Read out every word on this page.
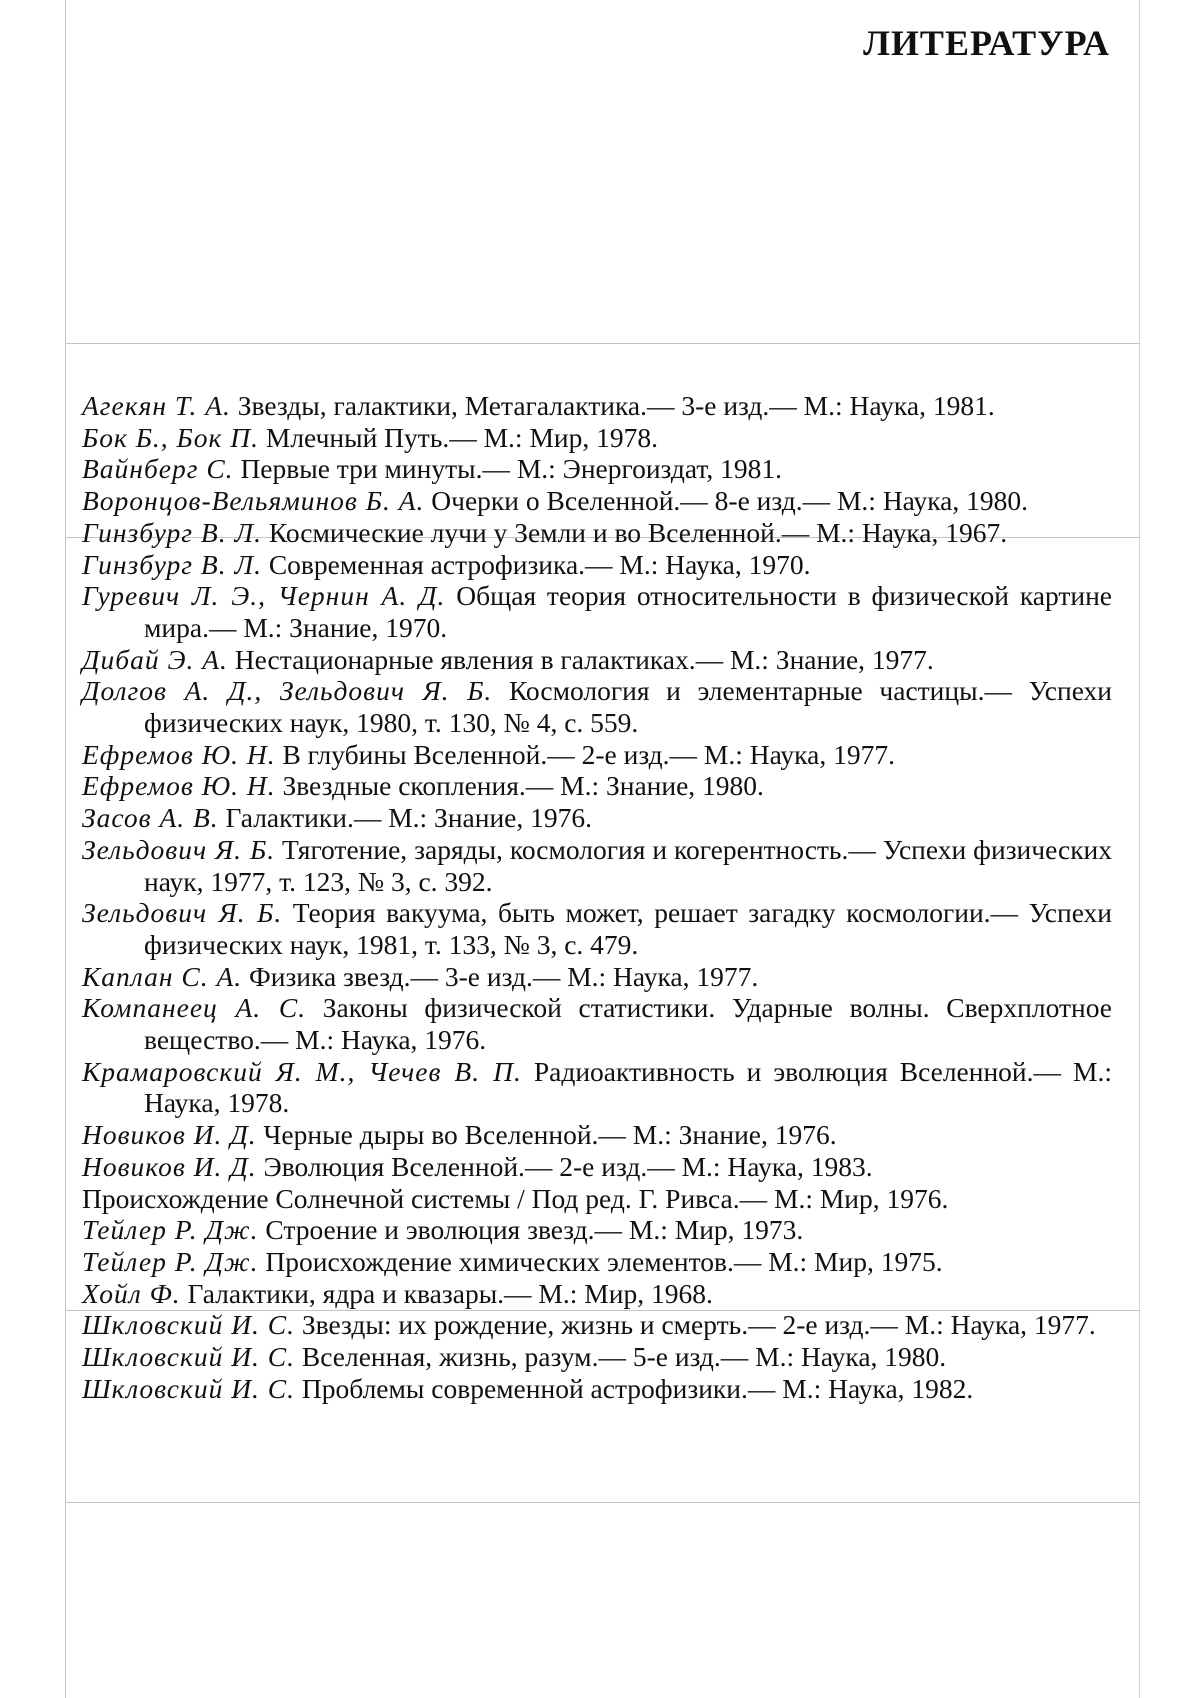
ЛИТЕРАТУРА
Агекян Т. А. Звезды, галактики, Метагалактика.— 3-е изд.— М.: Наука, 1981.
Бок Б., Бок П. Млечный Путь.— М.: Мир, 1978.
Вайнберг С. Первые три минуты.— М.: Энергоиздат, 1981.
Воронцов-Вельяминов Б. А. Очерки о Вселенной.— 8-е изд.— М.: Наука, 1980.
Гинзбург В. Л. Космические лучи у Земли и во Вселенной.— М.: Наука, 1967.
Гинзбург В. Л. Современная астрофизика.— М.: Наука, 1970.
Гуревич Л. Э., Чернин А. Д. Общая теория относительности в физической картине мира.— М.: Знание, 1970.
Дибай Э. А. Нестационарные явления в галактиках.— М.: Знание, 1977.
Долгов А. Д., Зельдович Я. Б. Космология и элементарные частицы.— Успехи физических наук, 1980, т. 130, № 4, с. 559.
Ефремов Ю. Н. В глубины Вселенной.— 2-е изд.— М.: Наука, 1977.
Ефремов Ю. Н. Звездные скопления.— М.: Знание, 1980.
Засов А. В. Галактики.— М.: Знание, 1976.
Зельдович Я. Б. Тяготение, заряды, космология и когерентность.— Успехи физических наук, 1977, т. 123, № 3, с. 392.
Зельдович Я. Б. Теория вакуума, быть может, решает загадку космологии.— Успехи физических наук, 1981, т. 133, № 3, с. 479.
Каплан С. А. Физика звезд.— 3-е изд.— М.: Наука, 1977.
Компанеец А. С. Законы физической статистики. Ударные волны. Сверхплотное вещество.— М.: Наука, 1976.
Крамаровский Я. М., Чечев В. П. Радиоактивность и эволюция Вселенной.— М.: Наука, 1978.
Новиков И. Д. Черные дыры во Вселенной.— М.: Знание, 1976.
Новиков И. Д. Эволюция Вселенной.— 2-е изд.— М.: Наука, 1983.
Происхождение Солнечной системы / Под ред. Г. Ривса.— М.: Мир, 1976.
Тейлер Р. Дж. Строение и эволюция звезд.— М.: Мир, 1973.
Тейлер Р. Дж. Происхождение химических элементов.— М.: Мир, 1975.
Хойл Ф. Галактики, ядра и квазары.— М.: Мир, 1968.
Шкловский И. С. Звезды: их рождение, жизнь и смерть.— 2-е изд.— М.: Наука, 1977.
Шкловский И. С. Вселенная, жизнь, разум.— 5-е изд.— М.: Наука, 1980.
Шкловский И. С. Проблемы современной астрофизики.— М.: Наука, 1982.
